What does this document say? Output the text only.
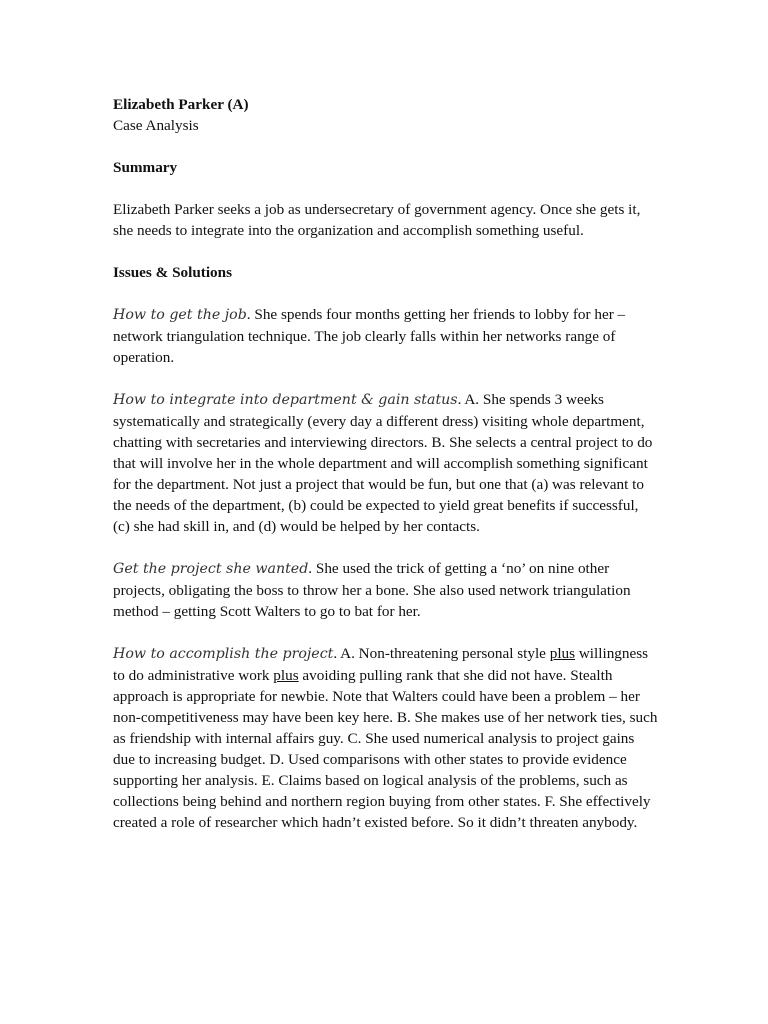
Elizabeth Parker (A)

Case Analysis

Summary

Elizabeth Parker seeks a job as undersecretary of government agency. Once she gets it, she needs to integrate into the organization and accomplish something useful.

Issues & Solutions

How to get the job. She spends four months getting her friends to lobby for her – network triangulation technique. The job clearly falls within her networks range of operation.

How to integrate into department & gain status. A. She spends 3 weeks systematically and strategically (every day a different dress) visiting whole department, chatting with secretaries and interviewing directors. B. She selects a central project to do that will involve her in the whole department and will accomplish something significant for the department. Not just a project that would be fun, but one that (a) was relevant to the needs of the department, (b) could be expected to yield great benefits if successful, (c) she had skill in, and (d) would be helped by her contacts.

Get the project she wanted. She used the trick of getting a ‘no’ on nine other projects, obligating the boss to throw her a bone. She also used network triangulation method – getting Scott Walters to go to bat for her.

How to accomplish the project. A. Non-threatening personal style plus willingness to do administrative work plus avoiding pulling rank that she did not have. Stealth approach is appropriate for newbie. Note that Walters could have been a problem – her non-competitiveness may have been key here. B. She makes use of her network ties, such as friendship with internal affairs guy. C. She used numerical analysis to project gains due to increasing budget. D. Used comparisons with other states to provide evidence supporting her analysis. E. Claims based on logical analysis of the problems, such as collections being behind and northern region buying from other states. F. She effectively created a role of researcher which hadn’t existed before. So it didn’t threaten anybody.
